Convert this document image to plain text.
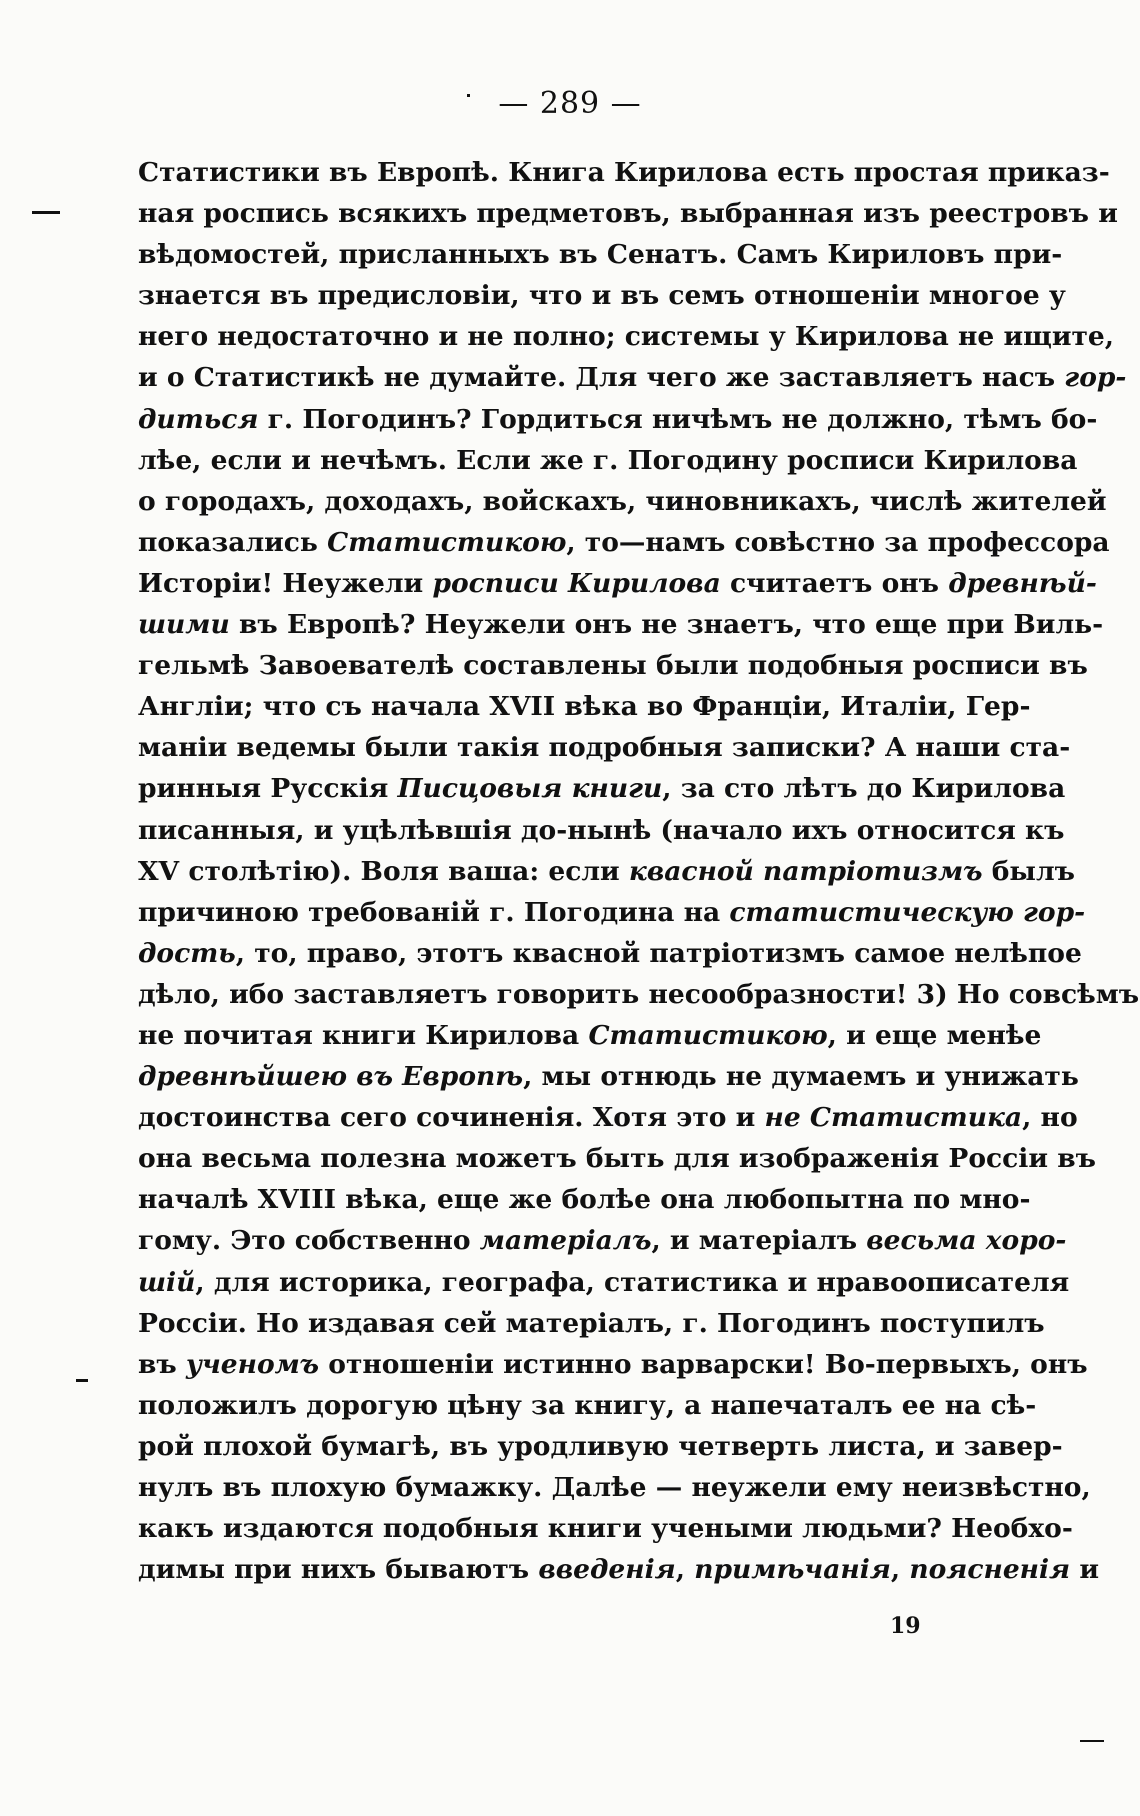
— 289 —
Статистики въ Европѣ. Книга Кирилова есть простая приказ-
ная роспись всякихъ предметовъ, выбранная изъ реестровъ и
вѣдомостей, присланныхъ въ Сенатъ. Самъ Кириловъ при-
знается въ предисловіи, что и въ семъ отношеніи многое у
него недостаточно и не полно; системы у Кирилова не ищите,
и о Статистикѣ не думайте. Для чего же заставляетъ насъ гор-
диться г. Погодинъ? Гордиться ничѣмъ не должно, тѣмъ бо-
лѣе, если и нечѣмъ. Если же г. Погодину росписи Кирилова
о городахъ, доходахъ, войскахъ, чиновникахъ, числѣ жителей
показались Статистикою, то—намъ совѣстно за профессора
Исторіи! Неужели росписи Кирилова считаетъ онъ древнѣй-
шими въ Европѣ? Неужели онъ не знаетъ, что еще при Виль-
гельмѣ Завоевателѣ составлены были подобныя росписи въ
Англіи; что съ начала XVII вѣка во Франціи, Италіи, Гер-
маніи ведемы были такія подробныя записки? А наши ста-
ринныя Русскія Писцовыя книги, за сто лѣтъ до Кирилова
писанныя, и уцѣлѣвшія до-нынѣ (начало ихъ относится къ
XV столѣтію). Воля ваша: если квасной патріотизмъ былъ
причиною требованій г. Погодина на статистическую гор-
дость, то, право, этотъ квасной патріотизмъ самое нелѣпое
дѣло, ибо заставляетъ говорить несообразности! 3) Но совсѣмъ
не почитая книги Кирилова Статистикою, и еще менѣе
древнѣйшею въ Европѣ, мы отнюдь не думаемъ и унижать
достоинства сего сочиненія. Хотя это и не Статистика, но
она весьма полезна можетъ быть для изображенія Россіи въ
началѣ XVIII вѣка, еще же болѣе она любопытна по мно-
гому. Это собственно матеріалъ, и матеріалъ весьма хоро-
шій, для историка, географа, статистика и нравоописателя
Россіи. Но издавая сей матеріалъ, г. Погодинъ поступилъ
въ ученомъ отношеніи истинно варварски! Во-первыхъ, онъ
положилъ дорогую цѣну за книгу, а напечаталъ ее на сѣ-
рой плохой бумагѣ, въ уродливую четверть листа, и завер-
нулъ въ плохую бумажку. Далѣе — неужели ему неизвѣстно,
какъ издаются подобныя книги учеными людьми? Необхо-
димы при нихъ бываютъ введенія, примѣчанія, поясненія и
19
